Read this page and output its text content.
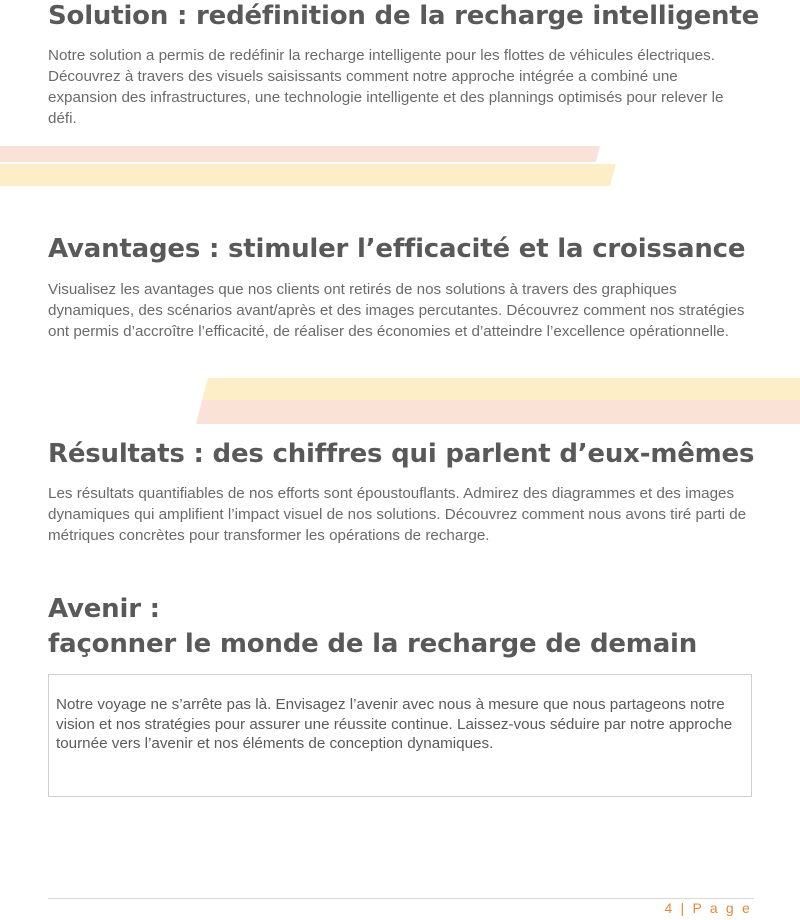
Solution : redéfinition de la recharge intelligente

Notre solution a permis de redéfinir la recharge intelligente pour les flottes de véhicules électriques. Découvrez à travers des visuels saisissants comment notre approche intégrée a combiné une expansion des infrastructures, une technologie intelligente et des plannings optimisés pour relever le défi.

Avantages : stimuler l’efficacité et la croissance

Visualisez les avantages que nos clients ont retirés de nos solutions à travers des graphiques dynamiques, des scénarios avant/après et des images percutantes. Découvrez comment nos stratégies ont permis d’accroître l’efficacité, de réaliser des économies et d’atteindre l’excellence opérationnelle.

Résultats : des chiffres qui parlent d’eux-mêmes

Les résultats quantifiables de nos efforts sont époustouflants. Admirez des diagrammes et des images dynamiques qui amplifient l’impact visuel de nos solutions. Découvrez comment nous avons tiré parti de métriques concrètes pour transformer les opérations de recharge.

Avenir :
façonner le monde de la recharge de demain

Notre voyage ne s’arrête pas là. Envisagez l’avenir avec nous à mesure que nous partageons notre vision et nos stratégies pour assurer une réussite continue. Laissez-vous séduire par notre approche tournée vers l’avenir et nos éléments de conception dynamiques.

4 | P a g e
